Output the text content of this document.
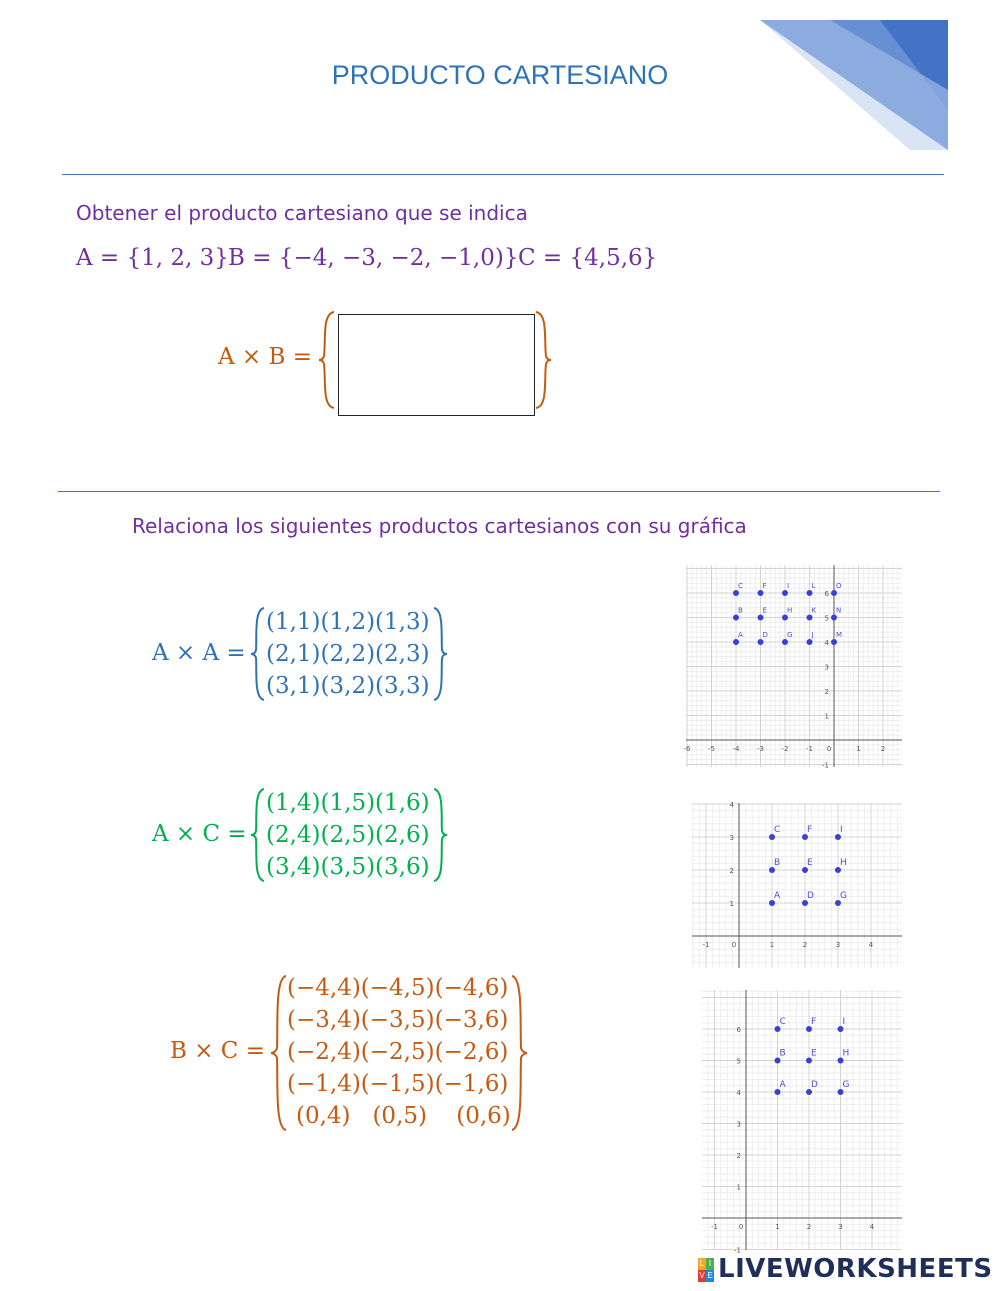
PRODUCTO CARTESIANO
Obtener el producto cartesiano que se indica
A = {1, 2, 3} B = {−4, −3, −2, −1,0)} C = {4,5,6}
A × B =
Relaciona los siguientes productos cartesianos con su gráfica
A × A =
(1,1)(1,2)(1,3)
(2,1)(2,2)(2,3)
(3,1)(3,2)(3,3)
A × C =
(1,4)(1,5)(1,6)
(2,4)(2,5)(2,6)
(3,4)(3,5)(3,6)
B × C =
(−4,4)(−4,5)(−4,6)
(−3,4)(−3,5)(−3,6)
(−2,4)(−2,5)(−2,6)
(−1,4)(−1,5)(−1,6)
(0,4)   (0,5)    (0,6)
-6	-5	-4	-3	-2	-1 0	1	2
-1
1
2
3
4
5
6
A
B
C
D
E
F
G
H
I
J
K
L
M
N
O
-1	0	1	2	3	4
1
2
3
4
A
B
C
D
E
F
G
H
I
-1	0	1	2	3	4
-1
1
2
3
4
5
6
A
B
C
D
E
F
G
H
I
L I
V E LIVEWORKSHEETS
